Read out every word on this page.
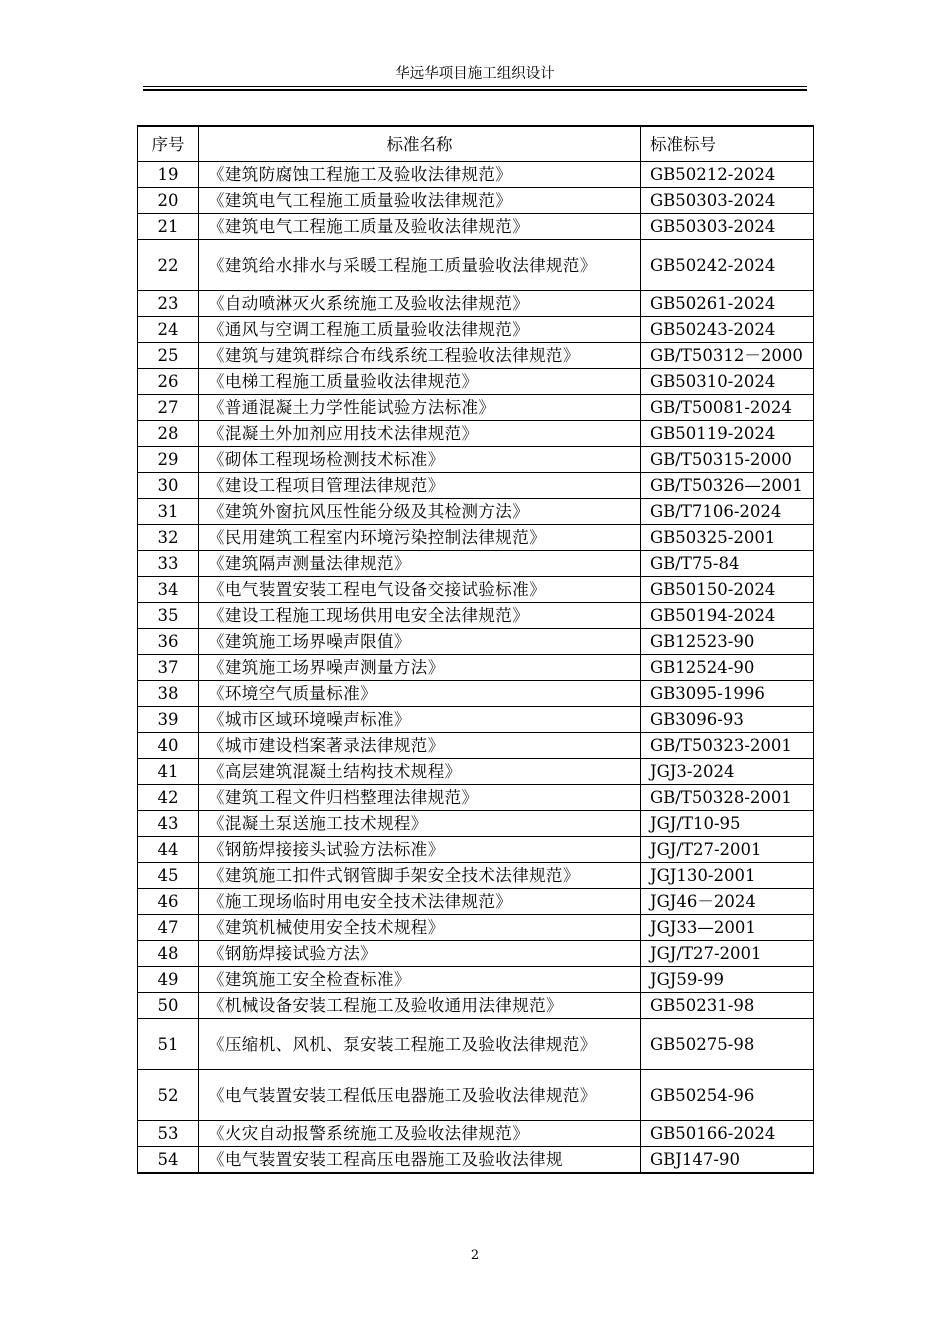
华远华项目施工组织设计
序号	标准名称	标准标号
19	《建筑防腐蚀工程施工及验收法律规范》	GB50212-2024
20	《建筑电气工程施工质量验收法律规范》	GB50303-2024
21	《建筑电气工程施工质量及验收法律规范》	GB50303-2024
22	《建筑给水排水与采暖工程施工质量验收法律规范》	GB50242-2024
23	《自动喷淋灭火系统施工及验收法律规范》	GB50261-2024
24	《通风与空调工程施工质量验收法律规范》	GB50243-2024
25	《建筑与建筑群综合布线系统工程验收法律规范》	GB/T50312－2000
26	《电梯工程施工质量验收法律规范》	GB50310-2024
27	《普通混凝土力学性能试验方法标准》	GB/T50081-2024
28	《混凝土外加剂应用技术法律规范》	GB50119-2024
29	《砌体工程现场检测技术标准》	GB/T50315-2000
30	《建设工程项目管理法律规范》	GB/T50326—2001
31	《建筑外窗抗风压性能分级及其检测方法》	GB/T7106-2024
32	《民用建筑工程室内环境污染控制法律规范》	GB50325-2001
33	《建筑隔声测量法律规范》	GB/T75-84
34	《电气装置安装工程电气设备交接试验标准》	GB50150-2024
35	《建设工程施工现场供用电安全法律规范》	GB50194-2024
36	《建筑施工场界噪声限值》	GB12523-90
37	《建筑施工场界噪声测量方法》	GB12524-90
38	《环境空气质量标准》	GB3095-1996
39	《城市区域环境噪声标准》	GB3096-93
40	《城市建设档案著录法律规范》	GB/T50323-2001
41	《高层建筑混凝土结构技术规程》	JGJ3-2024
42	《建筑工程文件归档整理法律规范》	GB/T50328-2001
43	《混凝土泵送施工技术规程》	JGJ/T10-95
44	《钢筋焊接接头试验方法标准》	JGJ/T27-2001
45	《建筑施工扣件式钢管脚手架安全技术法律规范》	JGJ130-2001
46	《施工现场临时用电安全技术法律规范》	JGJ46－2024
47	《建筑机械使用安全技术规程》	JGJ33—2001
48	《钢筋焊接试验方法》	JGJ/T27-2001
49	《建筑施工安全检查标准》	JGJ59-99
50	《机械设备安装工程施工及验收通用法律规范》	GB50231-98
51	《压缩机、风机、泵安装工程施工及验收法律规范》	GB50275-98
52	《电气装置安装工程低压电器施工及验收法律规范》	GB50254-96
53	《火灾自动报警系统施工及验收法律规范》	GB50166-2024
54	《电气装置安装工程高压电器施工及验收法律规	GBJ147-90
2
